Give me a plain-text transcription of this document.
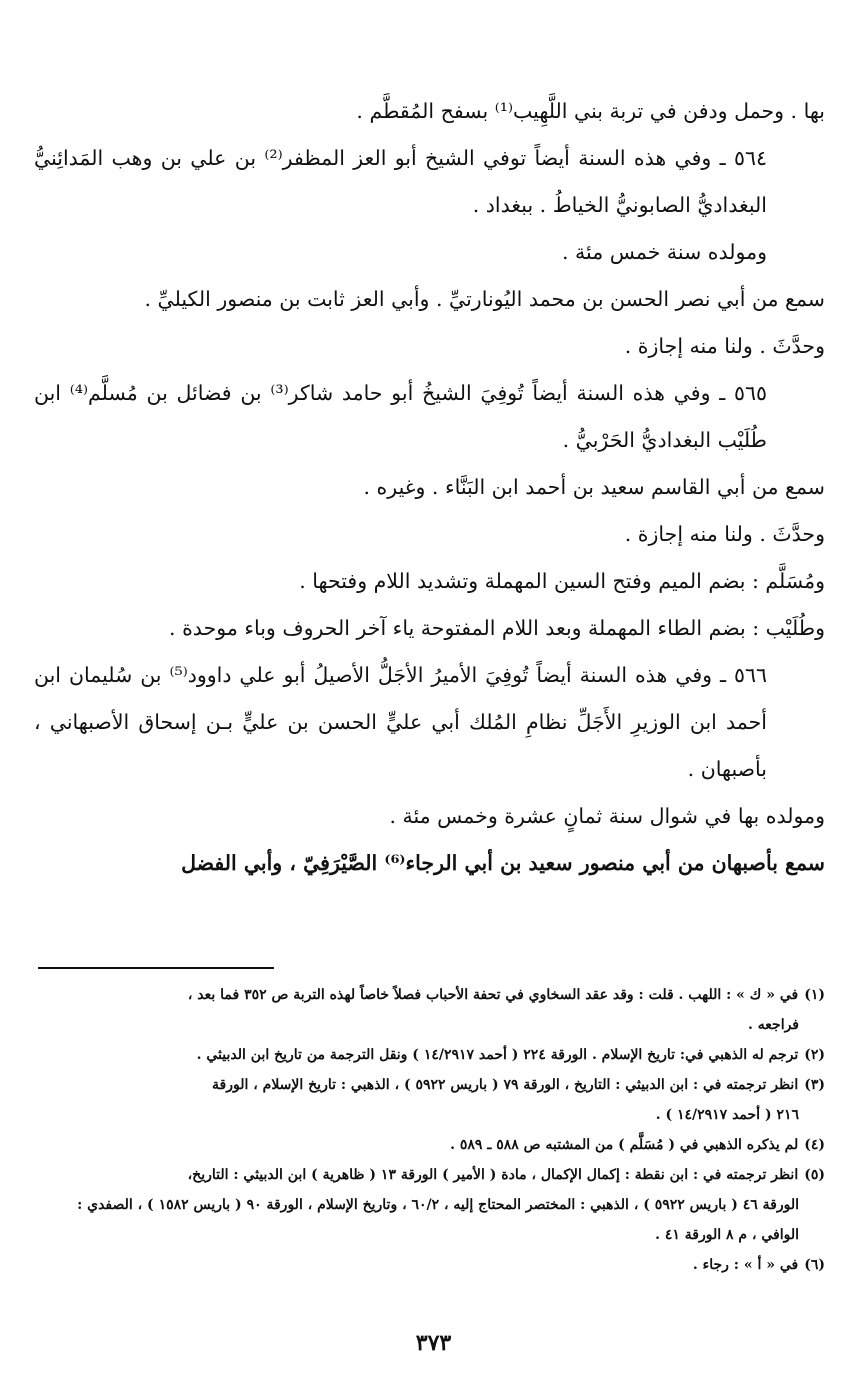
بها . وحمل ودفن في تربة بني اللَّهِيب⁽¹⁾ بسفح المُقطَّم .

٥٦٤ ـ وفي هذه السنة أيضاً توفي الشيخ أبو العز المظفر⁽²⁾ بن علي بن وهب المَدائِنيُّ البغداديُّ الصابونيُّ الخياطُ . ببغداد .

ومولده سنة خمس مئة .

سمع من أبي نصر الحسن بن محمد اليُونارتيِّ . وأبي العز ثابت بن منصور الكيليِّ .

وحدَّثَ . ولنا منه إجازة .

٥٦٥ ـ وفي هذه السنة أيضاً تُوفِيَ الشيخُ أبو حامد شاكر⁽³⁾ بن فضائل بن مُسلَّم⁽⁴⁾ ابن طُلَيْب البغداديُّ الحَرْبيُّ .

سمع من أبي القاسم سعيد بن أحمد ابن البَنَّاء . وغيره .

وحدَّثَ . ولنا منه إجازة .

ومُسَلَّم : بضم الميم وفتح السين المهملة وتشديد اللام وفتحها .

وطُلَيْب : بضم الطاء المهملة وبعد اللام المفتوحة ياء آخر الحروف وباء موحدة .

٥٦٦ ـ وفي هذه السنة أيضاً تُوفِيَ الأميرُ الأجَلُّ الأصيلُ أبو علي داوود⁽⁵⁾ بن سُليمان ابن أحمد ابن الوزيرِ الأَجَلِّ نظامِ المُلك أبي عليٍّ الحسن بن عليٍّ بـن إسحاق الأصبهاني ، بأصبهان .

ومولده بها في شوال سنة ثمانٍ عشرة وخمس مئة .

سمع بأصبهان من أبي منصور سعيد بن أبي الرجاء⁽⁶⁾ الصَّيْرَفِيّ ، وأبي الفضل

(١)في « ك » : اللهب . قلت : وقد عقد السخاوي في تحفة الأحباب فصلاً خاصاً لهذه التربة ص ٣٥٢ فما بعد ،
فراجعه .

(٢)ترجم له الذهبي في: تاريخ الإسلام . الورقة ٢٢٤ ( أحمد ١٤/٢٩١٧ ) ونقل الترجمة من تاريخ ابن الدبيثي .

(٣)انظر ترجمته في : ابن الدبيثي : التاريخ ، الورقة ٧٩ ( باريس ٥٩٢٢ ) ، الذهبي : تاريخ الإسلام ، الورقة
٢١٦ ( أحمد ١٤/٢٩١٧ ) .

(٤)لم يذكره الذهبي في ( مُسَلَّم ) من المشتبه ص ٥٨٨ ـ ٥٨٩ .

(٥)انظر ترجمته في : ابن نقطة : إكمال الإكمال ، مادة ( الأمير ) الورقة ١٣ ( ظاهرية ) ابن الدبيثي : التاريخ،
الورقة ٤٦ ( باريس ٥٩٢٢ ) ، الذهبي : المختصر المحتاج إليه ، ٦٠/٢ ، وتاريخ الإسلام ، الورقة ٩٠ ( باريس ١٥٨٢ ) ، الصفدي : الوافي ، م ٨ الورقة ٤١ .

(٦)في « أ » : رجاء .

٣٧٣
